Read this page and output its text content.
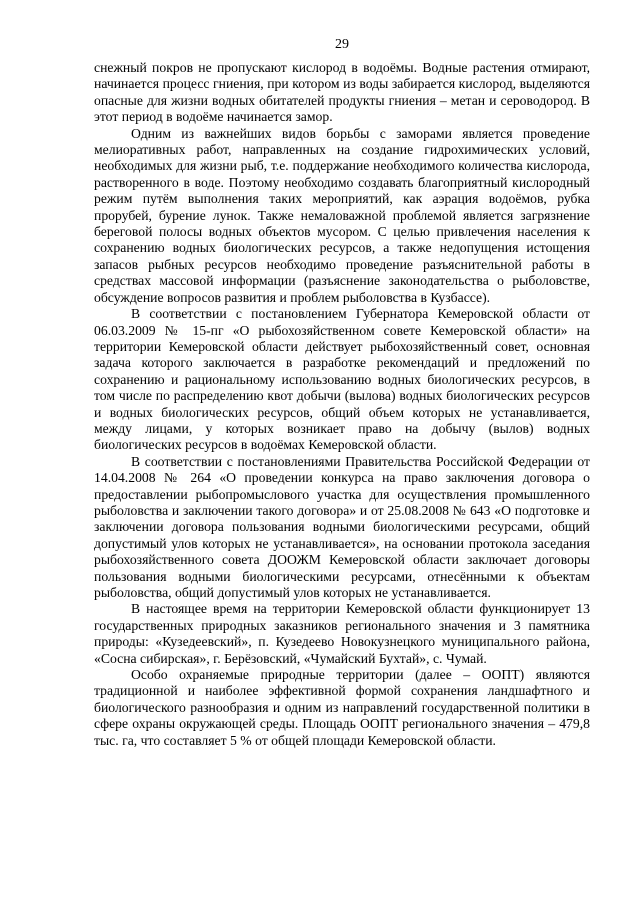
29

снежный покров не пропускают кислород в водоёмы. Водные растения отмирают, начинается процесс гниения, при котором из воды забирается кислород, выделяются опасные для жизни водных обитателей продукты гниения – метан и сероводород. В этот период в водоёме начинается замор.

Одним из важнейших видов борьбы с заморами является проведение мелиоративных работ, направленных на создание гидрохимических условий, необходимых для жизни рыб, т.е. поддержание необходимого количества кислорода, растворенного в воде. Поэтому необходимо создавать благоприятный кислородный режим путём выполнения таких мероприятий, как аэрация водоёмов, рубка прорубей, бурение лунок. Также немаловажной проблемой является загрязнение береговой полосы водных объектов мусором. С целью привлечения населения к сохранению водных биологических ресурсов, а также недопущения истощения запасов рыбных ресурсов необходимо проведение разъяснительной работы в средствах массовой информации (разъяснение законодательства о рыболовстве, обсуждение вопросов развития и проблем рыболовства в Кузбассе).

В соответствии с постановлением Губернатора Кемеровской области от 06.03.2009 № 15-пг «О рыбохозяйственном совете Кемеровской области» на территории Кемеровской области действует рыбохозяйственный совет, основная задача которого заключается в разработке рекомендаций и предложений по сохранению и рациональному использованию водных биологических ресурсов, в том числе по распределению квот добычи (вылова) водных биологических ресурсов и водных биологических ресурсов, общий объем которых не устанавливается, между лицами, у которых возникает право на добычу (вылов) водных биологических ресурсов в водоёмах Кемеровской области.

В соответствии с постановлениями Правительства Российской Федерации от 14.04.2008 № 264 «О проведении конкурса на право заключения договора о предоставлении рыбопромыслового участка для осуществления промышленного рыболовства и заключении такого договора» и от 25.08.2008 № 643 «О подготовке и заключении договора пользования водными биологическими ресурсами, общий допустимый улов которых не устанавливается», на основании протокола заседания рыбохозяйственного совета ДООЖМ Кемеровской области заключает договоры пользования водными биологическими ресурсами, отнесёнными к объектам рыболовства, общий допустимый улов которых не устанавливается.

В настоящее время на территории Кемеровской области функционирует 13 государственных природных заказников регионального значения и 3 памятника природы: «Кузедеевский», п. Кузедеево Новокузнецкого муниципального района, «Сосна сибирская», г. Берёзовский, «Чумайский Бухтай», с. Чумай.

Особо охраняемые природные территории (далее – ООПТ) являются традиционной и наиболее эффективной формой сохранения ландшафтного и биологического разнообразия и одним из направлений государственной политики в сфере охраны окружающей среды. Площадь ООПТ регионального значения – 479,8 тыс. га, что составляет 5 % от общей площади Кемеровской области.
